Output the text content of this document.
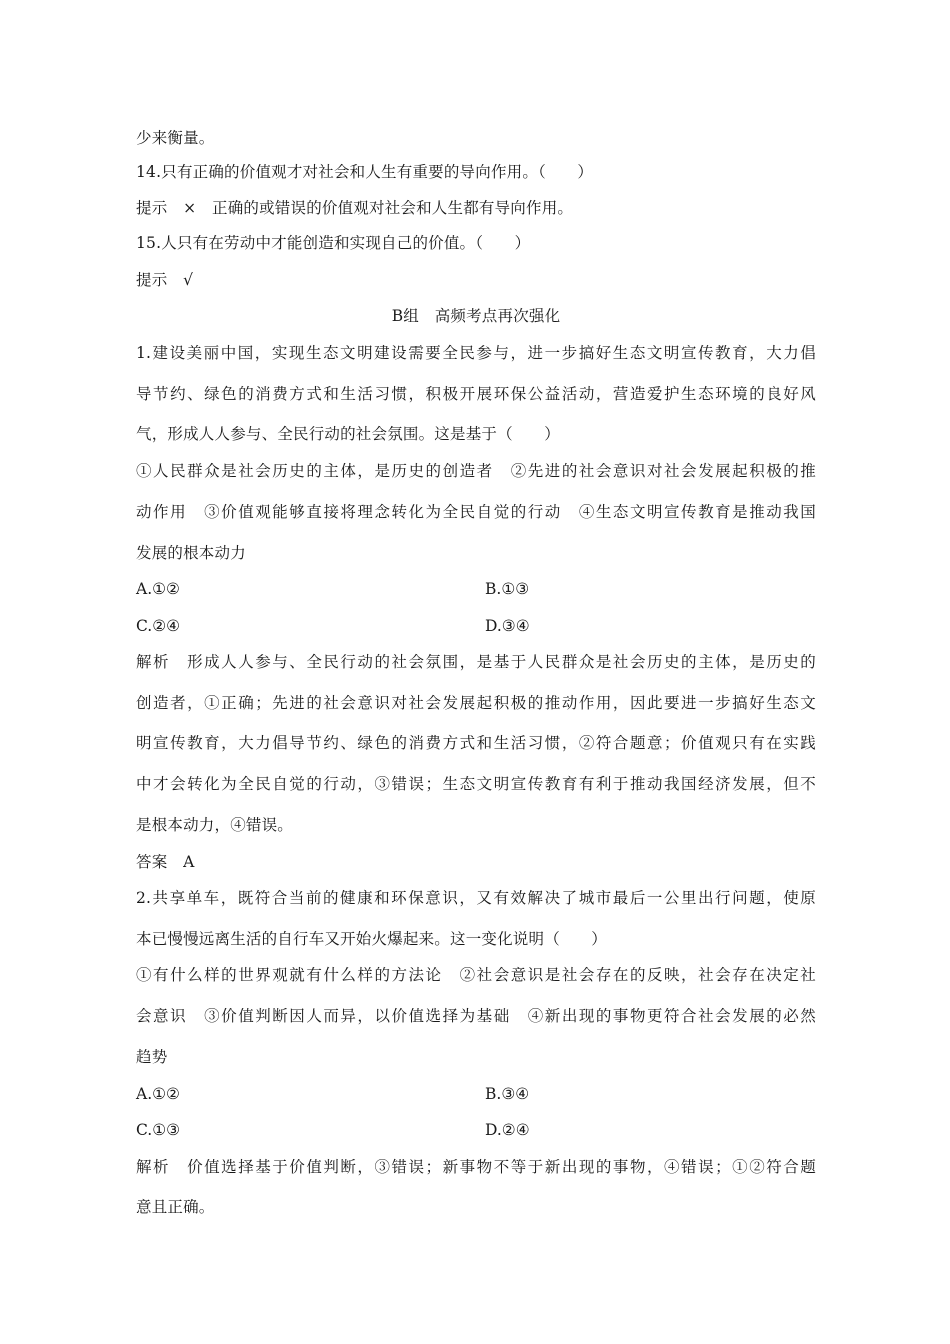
少来衡量。
14.只有正确的价值观才对社会和人生有重要的导向作用。（　　）
提示　×　正确的或错误的价值观对社会和人生都有导向作用。
15.人只有在劳动中才能创造和实现自己的价值。（　　）
提示　√
B组　高频考点再次强化
1.建设美丽中国，实现生态文明建设需要全民参与，进一步搞好生态文明宣传教育，大力倡
导节约、绿色的消费方式和生活习惯，积极开展环保公益活动，营造爱护生态环境的良好风
气，形成人人参与、全民行动的社会氛围。这是基于（　　）
①人民群众是社会历史的主体，是历史的创造者　②先进的社会意识对社会发展起积极的推
动作用　③价值观能够直接将理念转化为全民自觉的行动　④生态文明宣传教育是推动我国
发展的根本动力
A.①②	B.①③
C.②④	D.③④
解析　形成人人参与、全民行动的社会氛围，是基于人民群众是社会历史的主体，是历史的
创造者，①正确；先进的社会意识对社会发展起积极的推动作用，因此要进一步搞好生态文
明宣传教育，大力倡导节约、绿色的消费方式和生活习惯，②符合题意；价值观只有在实践
中才会转化为全民自觉的行动，③错误；生态文明宣传教育有利于推动我国经济发展，但不
是根本动力，④错误。
答案　A
2.共享单车，既符合当前的健康和环保意识，又有效解决了城市最后一公里出行问题，使原
本已慢慢远离生活的自行车又开始火爆起来。这一变化说明（　　）
①有什么样的世界观就有什么样的方法论　②社会意识是社会存在的反映，社会存在决定社
会意识　③价值判断因人而异，以价值选择为基础　④新出现的事物更符合社会发展的必然
趋势
A.①②	B.③④
C.①③	D.②④
解析　价值选择基于价值判断，③错误；新事物不等于新出现的事物，④错误；①②符合题
意且正确。
